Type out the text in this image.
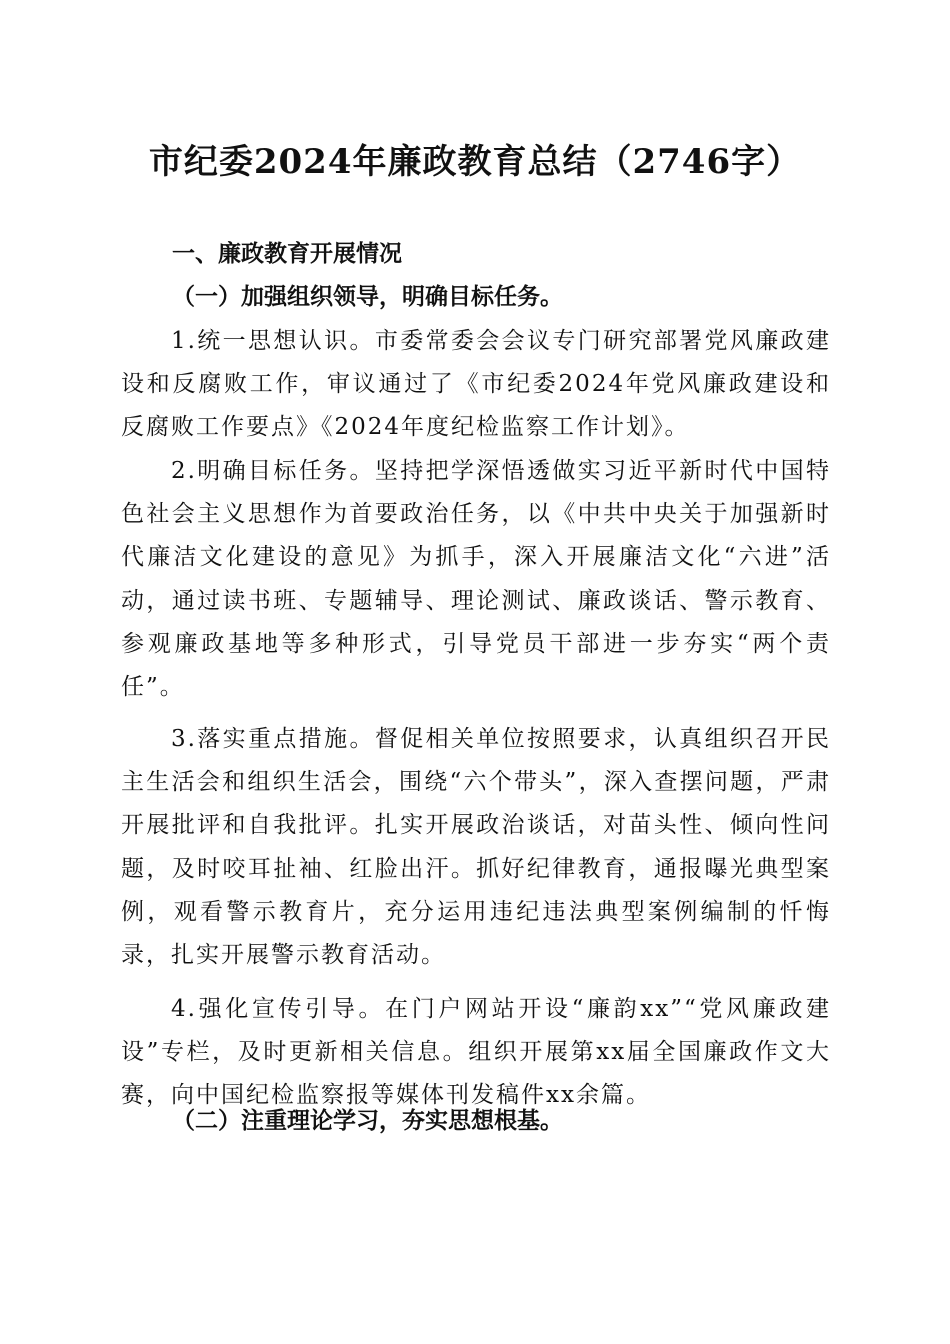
市纪委2024年廉政教育总结（2746字）
一、廉政教育开展情况
（一）加强组织领导，明确目标任务。

1.统一思想认识。市委常委会会议专门研究部署党风廉政建设和反腐败工作，审议通过了《市纪委2024年党风廉政建设和反腐败工作要点》《2024年度纪检监察工作计划》。

2.明确目标任务。坚持把学深悟透做实习近平新时代中国特色社会主义思想作为首要政治任务，以《中共中央关于加强新时代廉洁文化建设的意见》为抓手，深入开展廉洁文化“六进”活动，通过读书班、专题辅导、理论测试、廉政谈话、警示教育、参观廉政基地等多种形式，引导党员干部进一步夯实“两个责任”。

3.落实重点措施。督促相关单位按照要求，认真组织召开民主生活会和组织生活会，围绕“六个带头”，深入查摆问题，严肃开展批评和自我批评。扎实开展政治谈话，对苗头性、倾向性问题，及时咬耳扯袖、红脸出汗。抓好纪律教育，通报曝光典型案例，观看警示教育片，充分运用违纪违法典型案例编制的忏悔录，扎实开展警示教育活动。

4.强化宣传引导。在门户网站开设“廉韵xx”“党风廉政建设”专栏，及时更新相关信息。组织开展第xx届全国廉政作文大赛，向中国纪检监察报等媒体刊发稿件xx余篇。

（二）注重理论学习，夯实思想根基。
